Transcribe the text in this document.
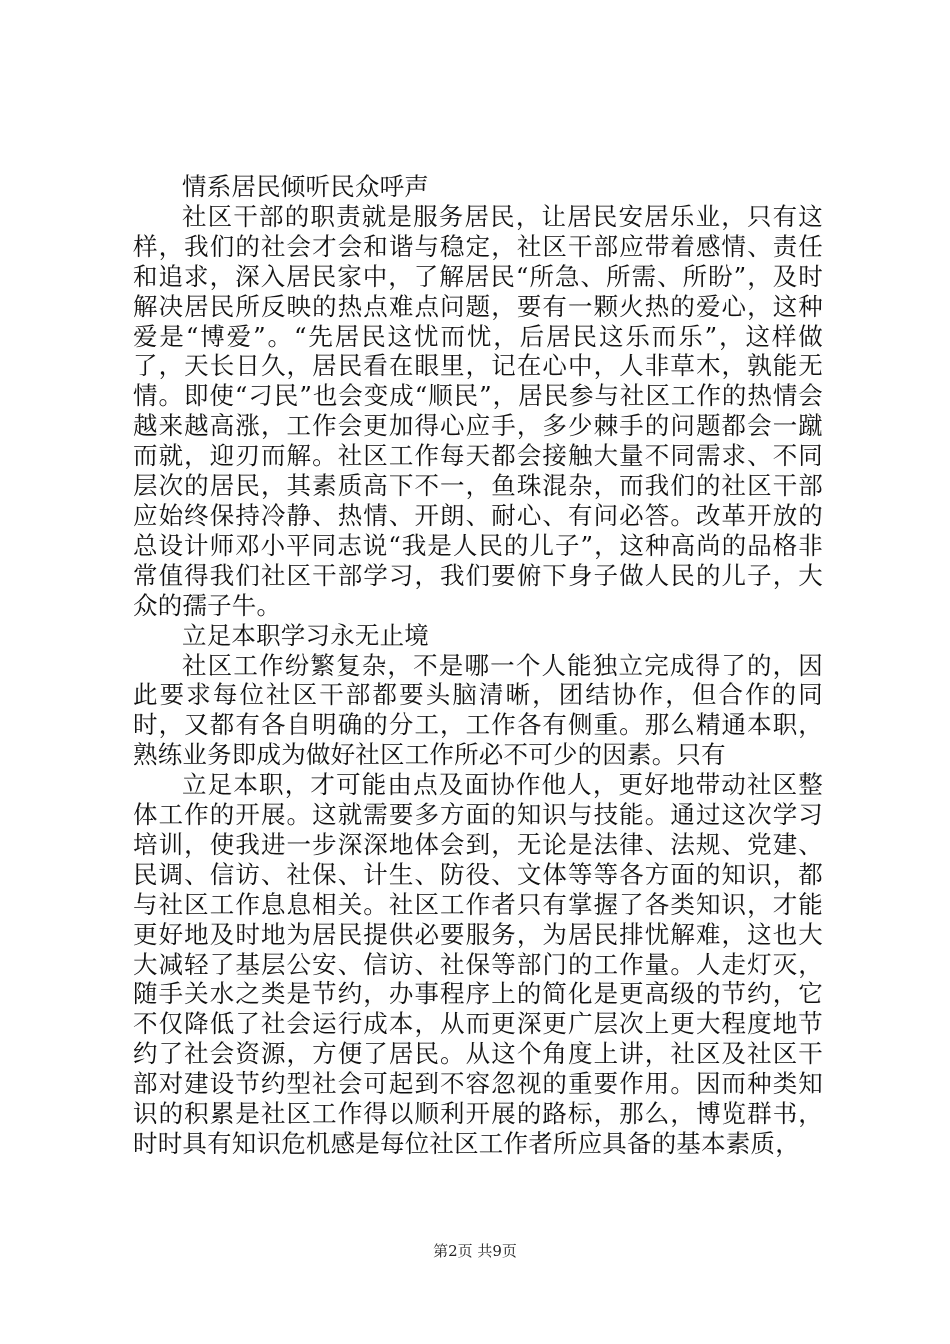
情系居民倾听民众呼声

社区干部的职责就是服务居民，让居民安居乐业，只有这样，我们的社会才会和谐与稳定，社区干部应带着感情、责任和追求，深入居民家中，了解居民“所急、所需、所盼”，及时解决居民所反映的热点难点问题，要有一颗火热的爱心，这种爱是“博爱”。“先居民这忧而忧，后居民这乐而乐”，这样做了，天长日久，居民看在眼里，记在心中，人非草木，孰能无情。即使“刁民”也会变成“顺民”，居民参与社区工作的热情会越来越高涨，工作会更加得心应手，多少棘手的问题都会一蹴而就，迎刃而解。社区工作每天都会接触大量不同需求、不同层次的居民，其素质高下不一，鱼珠混杂，而我们的社区干部应始终保持冷静、热情、开朗、耐心、有问必答。改革开放的总设计师邓小平同志说“我是人民的儿子”，这种高尚的品格非常值得我们社区干部学习，我们要俯下身子做人民的儿子，大众的孺子牛。

立足本职学习永无止境

社区工作纷繁复杂，不是哪一个人能独立完成得了的，因此要求每位社区干部都要头脑清晰，团结协作，但合作的同时，又都有各自明确的分工，工作各有侧重。那么精通本职，熟练业务即成为做好社区工作所必不可少的因素。只有

立足本职，才可能由点及面协作他人，更好地带动社区整体工作的开展。这就需要多方面的知识与技能。通过这次学习培训，使我进一步深深地体会到，无论是法律、法规、党建、民调、信访、社保、计生、防役、文体等等各方面的知识，都与社区工作息息相关。社区工作者只有掌握了各类知识，才能更好地及时地为居民提供必要服务，为居民排忧解难，这也大大减轻了基层公安、信访、社保等部门的工作量。人走灯灭，随手关水之类是节约，办事程序上的简化是更高级的节约，它不仅降低了社会运行成本，从而更深更广层次上更大程度地节约了社会资源，方便了居民。从这个角度上讲，社区及社区干部对建设节约型社会可起到不容忽视的重要作用。因而种类知识的积累是社区工作得以顺利开展的路标，那么，博览群书，时时具有知识危机感是每位社区工作者所应具备的基本素质，

第2页 共9页
